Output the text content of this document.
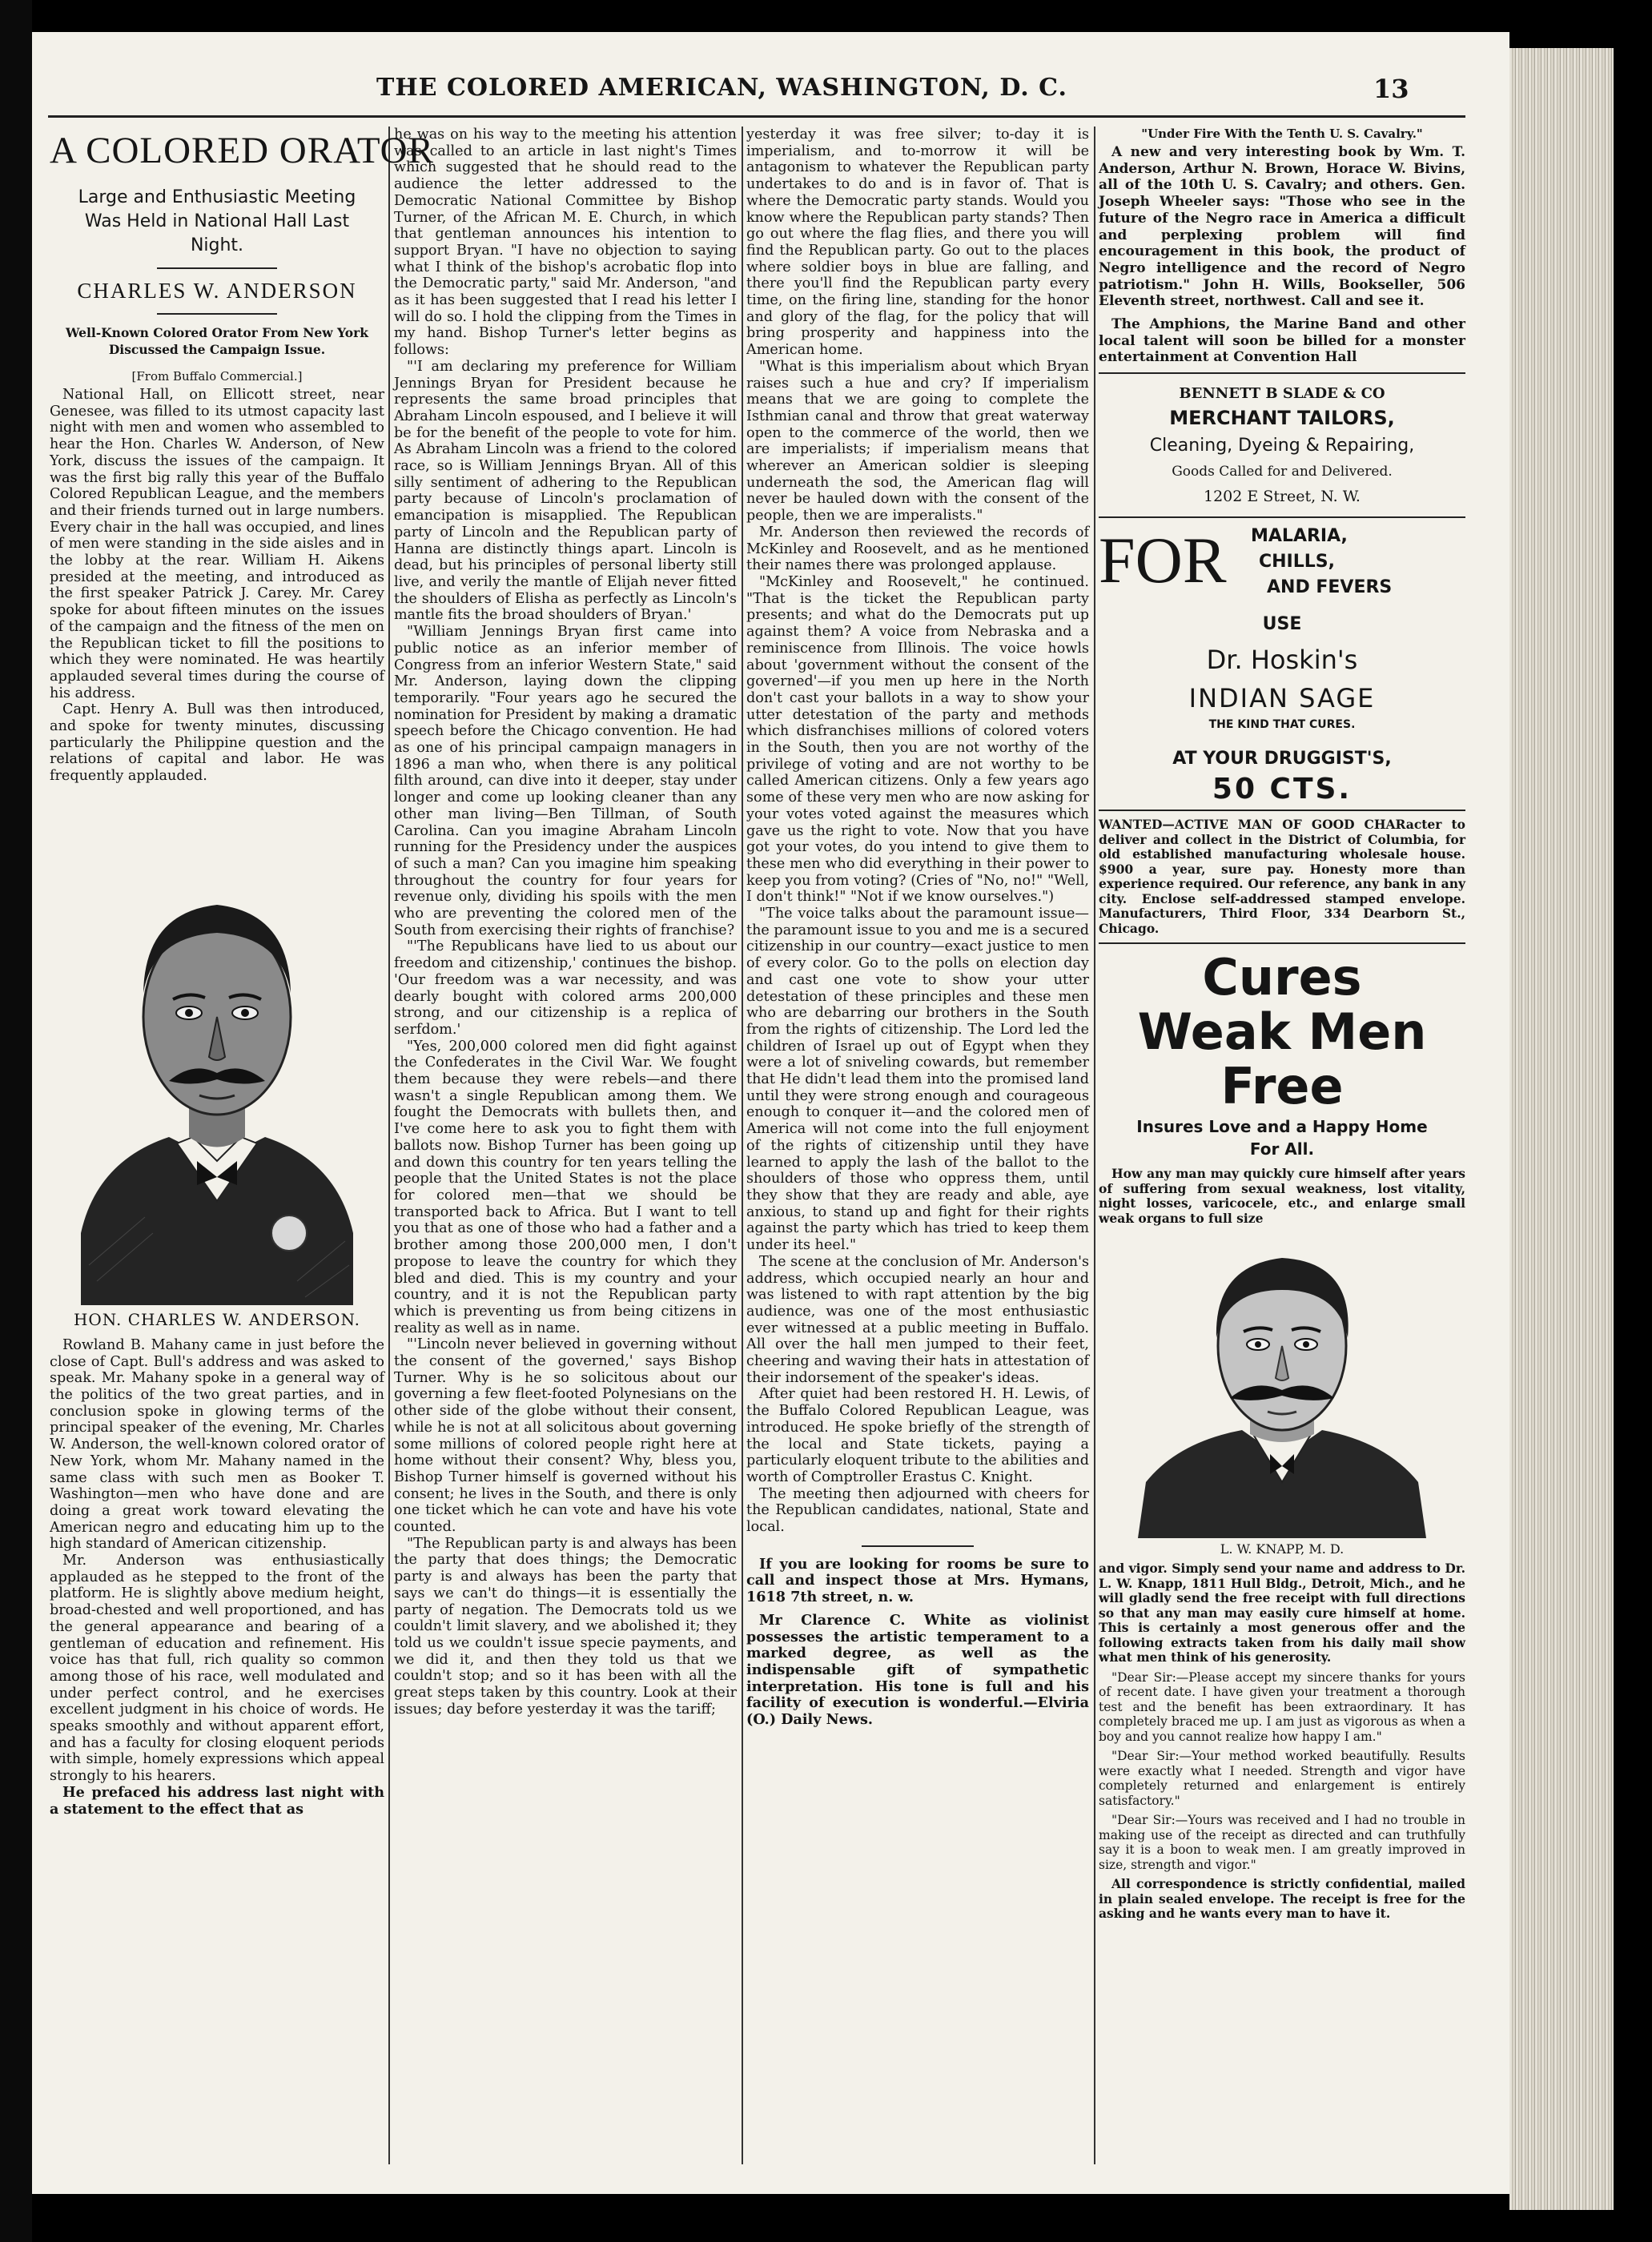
THE COLORED AMERICAN, WASHINGTON, D. C.	13
A COLORED ORATOR
Large and Enthusiastic Meeting Was Held in National Hall Last Night.
CHARLES W. ANDERSON
Well-Known Colored Orator From New York Discussed the Campaign Issue.
[From Buffalo Commercial.]

National Hall, on Ellicott street, near Genesee, was filled to its utmost capacity last night with men and women who assembled to hear the Hon. Charles W. Anderson, of New York, discuss the issues of the campaign. It was the first big rally this year of the Buffalo Colored Republican League, and the members and their friends turned out in large numbers. Every chair in the hall was occupied, and lines of men were standing in the side aisles and in the lobby at the rear. William H. Aikens presided at the meeting, and introduced as the first speaker Patrick J. Carey. Mr. Carey spoke for about fifteen minutes on the issues of the campaign and the fitness of the men on the Republican ticket to fill the positions to which they were nominated. He was heartily applauded several times during the course of his address.

Capt. Henry A. Bull was then introduced, and spoke for twenty minutes, discussing particularly the Philippine question and the relations of capital and labor. He was frequently applauded.

HON. CHARLES W. ANDERSON.

Rowland B. Mahany came in just before the close of Capt. Bull's address and was asked to speak. Mr. Mahany spoke in a general way of the politics of the two great parties, and in conclusion spoke in glowing terms of the principal speaker of the evening, Mr. Charles W. Anderson, the well-known colored orator of New York, whom Mr. Mahany named in the same class with such men as Booker T. Washington—men who have done and are doing a great work toward elevating the American negro and educating him up to the high standard of American citizenship.

Mr. Anderson was enthusiastically applauded as he stepped to the front of the platform. He is slightly above medium height, broad-chested and well proportioned, and has the general appearance and bearing of a gentleman of education and refinement. His voice has that full, rich quality so common among those of his race, well modulated and under perfect control, and he exercises excellent judgment in his choice of words. He speaks smoothly and without apparent effort, and has a faculty for closing eloquent periods with simple, homely expressions which appeal strongly to his hearers.

He prefaced his address last night with a statement to the effect that as

he was on his way to the meeting his attention was called to an article in last night's Times which suggested that he should read to the audience the letter addressed to the Democratic National Committee by Bishop Turner, of the African M. E. Church, in which that gentleman announces his intention to support Bryan. "I have no objection to saying what I think of the bishop's acrobatic flop into the Democratic party," said Mr. Anderson, "and as it has been suggested that I read his letter I will do so. I hold the clipping from the Times in my hand. Bishop Turner's letter begins as follows:

"'I am declaring my preference for William Jennings Bryan for President because he represents the same broad principles that Abraham Lincoln espoused, and I believe it will be for the benefit of the people to vote for him. As Abraham Lincoln was a friend to the colored race, so is William Jennings Bryan. All of this silly sentiment of adhering to the Republican party because of Lincoln's proclamation of emancipation is misapplied. The Republican party of Lincoln and the Republican party of Hanna are distinctly things apart. Lincoln is dead, but his principles of personal liberty still live, and verily the mantle of Elijah never fitted the shoulders of Elisha as perfectly as Lincoln's mantle fits the broad shoulders of Bryan.'

"William Jennings Bryan first came into public notice as an inferior member of Congress from an inferior Western State," said Mr. Anderson, laying down the clipping temporarily. "Four years ago he secured the nomination for President by making a dramatic speech before the Chicago convention. He had as one of his principal campaign managers in 1896 a man who, when there is any political filth around, can dive into it deeper, stay under longer and come up looking cleaner than any other man living—Ben Tillman, of South Carolina. Can you imagine Abraham Lincoln running for the Presidency under the auspices of such a man? Can you imagine him speaking throughout the country for four years for revenue only, dividing his spoils with the men who are preventing the colored men of the South from exercising their rights of franchise?

"'The Republicans have lied to us about our freedom and citizenship,' continues the bishop. 'Our freedom was a war necessity, and was dearly bought with colored arms 200,000 strong, and our citizenship is a replica of serfdom.'

"Yes, 200,000 colored men did fight against the Confederates in the Civil War. We fought them because they were rebels—and there wasn't a single Republican among them. We fought the Democrats with bullets then, and I've come here to ask you to fight them with ballots now. Bishop Turner has been going up and down this country for ten years telling the people that the United States is not the place for colored men—that we should be transported back to Africa. But I want to tell you that as one of those who had a father and a brother among those 200,000 men, I don't propose to leave the country for which they bled and died. This is my country and your country, and it is not the Republican party which is preventing us from being citizens in reality as well as in name.

"'Lincoln never believed in governing without the consent of the governed,' says Bishop Turner. Why is he so solicitous about our governing a few fleet-footed Polynesians on the other side of the globe without their consent, while he is not at all solicitous about governing some millions of colored people right here at home without their consent? Why, bless you, Bishop Turner himself is governed without his consent; he lives in the South, and there is only one ticket which he can vote and have his vote counted.

"The Republican party is and always has been the party that does things; the Democratic party is and always has been the party that says we can't do things—it is essentially the party of negation. The Democrats told us we couldn't limit slavery, and we abolished it; they told us we couldn't issue specie payments, and we did it, and then they told us that we couldn't stop; and so it has been with all the great steps taken by this country. Look at their issues; day before yesterday it was the tariff;

yesterday it was free silver; to-day it is imperialism, and to-morrow it will be antagonism to whatever the Republican party undertakes to do and is in favor of. That is where the Democratic party stands. Would you know where the Republican party stands? Then go out where the flag flies, and there you will find the Republican party. Go out to the places where soldier boys in blue are falling, and there you'll find the Republican party every time, on the firing line, standing for the honor and glory of the flag, for the policy that will bring prosperity and happiness into the American home.

"What is this imperialism about which Bryan raises such a hue and cry? If imperialism means that we are going to complete the Isthmian canal and throw that great waterway open to the commerce of the world, then we are imperialists; if imperialism means that wherever an American soldier is sleeping underneath the sod, the American flag will never be hauled down with the consent of the people, then we are imperalists."

Mr. Anderson then reviewed the records of McKinley and Roosevelt, and as he mentioned their names there was prolonged applause.

"McKinley and Roosevelt," he continued. "That is the ticket the Republican party presents; and what do the Democrats put up against them? A voice from Nebraska and a reminiscence from Illinois. The voice howls about 'government without the consent of the governed'—if you men up here in the North don't cast your ballots in a way to show your utter detestation of the party and methods which disfranchises millions of colored voters in the South, then you are not worthy of the privilege of voting and are not worthy to be called American citizens. Only a few years ago some of these very men who are now asking for your votes voted against the measures which gave us the right to vote. Now that you have got your votes, do you intend to give them to these men who did everything in their power to keep you from voting? (Cries of "No, no!" "Well, I don't think!" "Not if we know ourselves.")

"The voice talks about the paramount issue—the paramount issue to you and me is a secured citizenship in our country—exact justice to men of every color. Go to the polls on election day and cast one vote to show your utter detestation of these principles and these men who are debarring our brothers in the South from the rights of citizenship. The Lord led the children of Israel up out of Egypt when they were a lot of sniveling cowards, but remember that He didn't lead them into the promised land until they were strong enough and courageous enough to conquer it—and the colored men of America will not come into the full enjoyment of the rights of citizenship until they have learned to apply the lash of the ballot to the shoulders of those who oppress them, until they show that they are ready and able, aye anxious, to stand up and fight for their rights against the party which has tried to keep them under its heel."

The scene at the conclusion of Mr. Anderson's address, which occupied nearly an hour and was listened to with rapt attention by the big audience, was one of the most enthusiastic ever witnessed at a public meeting in Buffalo. All over the hall men jumped to their feet, cheering and waving their hats in attestation of their indorsement of the speaker's ideas.

After quiet had been restored H. H. Lewis, of the Buffalo Colored Republican League, was introduced. He spoke briefly of the strength of the local and State tickets, paying a particularly eloquent tribute to the abilities and worth of Comptroller Erastus C. Knight.

The meeting then adjourned with cheers for the Republican candidates, national, State and local.

If you are looking for rooms be sure to call and inspect those at Mrs. Hymans, 1618 7th street, n. w.

Mr Clarence C. White as violinist possesses the artistic temperament to a marked degree, as well as the indispensable gift of sympathetic interpretation. His tone is full and his facility of execution is wonderful.—Elviria (O.) Daily News.

"Under Fire With the Tenth U. S. Cavalry."

A new and very interesting book by Wm. T. Anderson, Arthur N. Brown, Horace W. Bivins, all of the 10th U. S. Cavalry; and others. Gen. Joseph Wheeler says: "Those who see in the future of the Negro race in America a difficult and perplexing problem will find encouragement in this book, the product of Negro intelligence and the record of Negro patriotism." John H. Wills, Bookseller, 506 Eleventh street, northwest. Call and see it.

The Amphions, the Marine Band and other local talent will soon be billed for a monster entertainment at Convention Hall

BENNETT B SLADE & CO
MERCHANT TAILORS,
Cleaning, Dyeing & Repairing,
Goods Called for and Delivered.
1202 E Street, N. W.
FOR MALARIA,
CHILLS,
AND FEVERS
USE
Dr. Hoskin's
INDIAN SAGE
THE KIND THAT CURES.
AT YOUR DRUGGIST'S,
50 CTS.

WANTED—ACTIVE MAN OF GOOD CHARacter to deliver and collect in the District of Columbia, for old established manufacturing wholesale house. $900 a year, sure pay. Honesty more than experience required. Our reference, any bank in any city. Enclose self-addressed stamped envelope. Manufacturers, Third Floor, 334 Dearborn St., Chicago.

Cures
Weak Men
Free
Insures Love and a Happy Home
For All.

How any man may quickly cure himself after years of suffering from sexual weakness, lost vitality, night losses, varicocele, etc., and enlarge small weak organs to full size

L. W. KNAPP, M. D.

and vigor. Simply send your name and address to Dr. L. W. Knapp, 1811 Hull Bldg., Detroit, Mich., and he will gladly send the free receipt with full directions so that any man may easily cure himself at home. This is certainly a most generous offer and the following extracts taken from his daily mail show what men think of his generosity.

"Dear Sir:—Please accept my sincere thanks for yours of recent date. I have given your treatment a thorough test and the benefit has been extraordinary. It has completely braced me up. I am just as vigorous as when a boy and you cannot realize how happy I am."

"Dear Sir:—Your method worked beautifully. Results were exactly what I needed. Strength and vigor have completely returned and enlargement is entirely satisfactory."

"Dear Sir:—Yours was received and I had no trouble in making use of the receipt as directed and can truthfully say it is a boon to weak men. I am greatly improved in size, strength and vigor."

All correspondence is strictly confidential, mailed in plain sealed envelope. The receipt is free for the asking and he wants every man to have it.
